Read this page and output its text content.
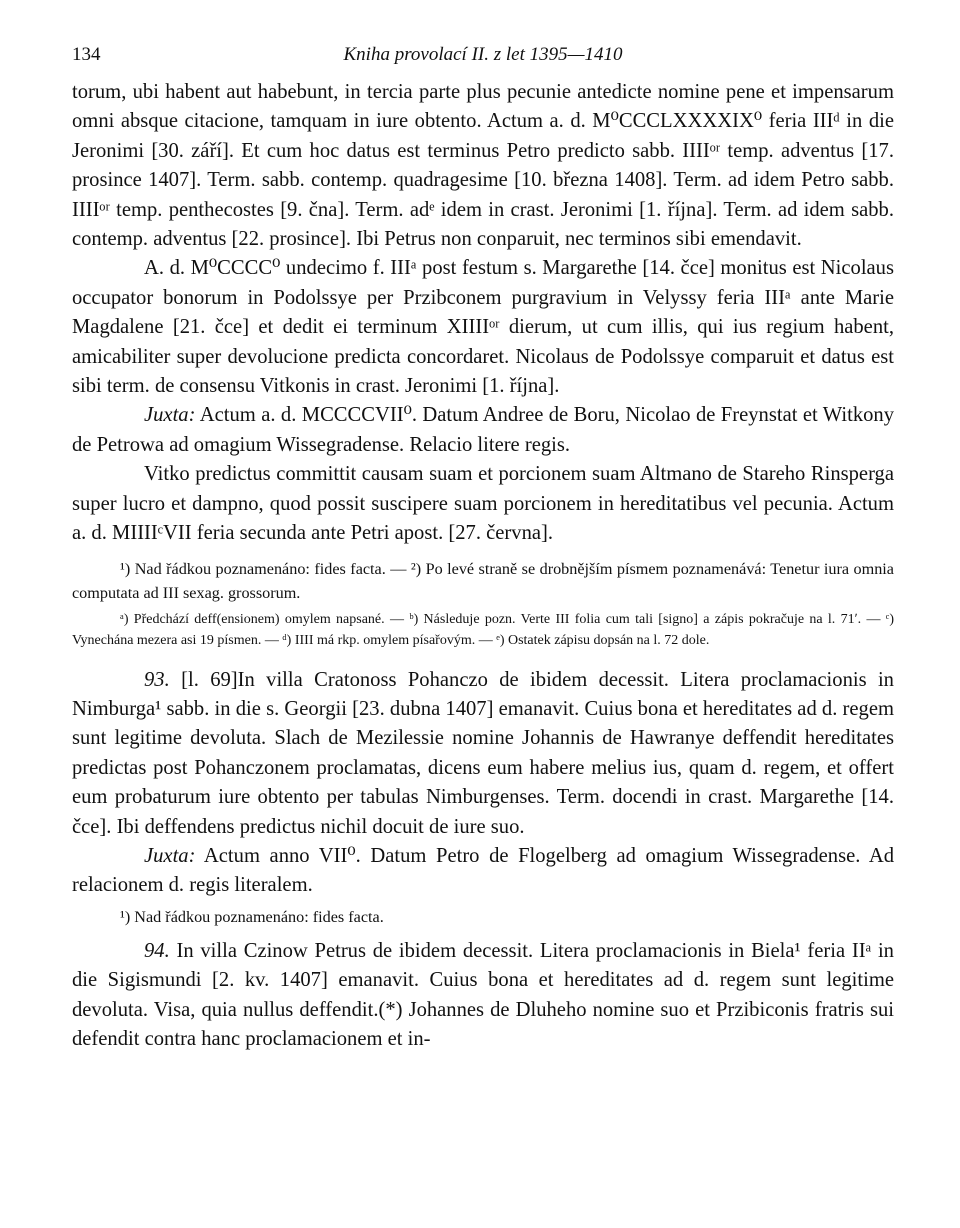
134	Kniha provolací II. z let 1395—1410

torum, ubi habent aut habebunt, in tercia parte plus pecunie antedicte nomine pene et impensarum omni absque citacione, tamquam in iure obtento. Actum a. d. M⁰CCCLXXXXIX⁰ feria IIIᵈ in die Jeronimi [30. září]. Et cum hoc datus est terminus Petro predicto sabb. IIIIᵒʳ temp. adventus [17. prosince 1407]. Term. sabb. contemp. quadragesime [10. března 1408]. Term. ad idem Petro sabb. IIIIᵒʳ temp. penthecostes [9. čna]. Term. adᵉ idem in crast. Jeronimi [1. října]. Term. ad idem sabb. contemp. adventus [22. prosince]. Ibi Petrus non conparuit, nec terminos sibi emendavit.

A. d. M⁰CCCC⁰ undecimo f. IIIᵃ post festum s. Margarethe [14. čce] monitus est Nicolaus occupator bonorum in Podolssye per Przibconem purgravium in Velyssy feria IIIᵃ ante Marie Magdalene [21. čce] et dedit ei terminum XIIIIᵒʳ dierum, ut cum illis, qui ius regium habent, amicabiliter super devolucione predicta concordaret. Nicolaus de Podolssye comparuit et datus est sibi term. de consensu Vitkonis in crast. Jeronimi [1. října].

Juxta: Actum a. d. MCCCCVII⁰. Datum Andree de Boru, Nicolao de Freynstat et Witkony de Petrowa ad omagium Wissegradense. Relacio litere regis.

Vitko predictus committit causam suam et porcionem suam Altmano de Stareho Rinsperga super lucro et dampno, quod possit suscipere suam porcionem in hereditatibus vel pecunia. Actum a. d. MIIIIᶜVII feria secunda ante Petri apost. [27. června].

¹) Nad řádkou poznamenáno: fides facta. — ²) Po levé straně se drobnějším písmem poznamenává: Tenetur iura omnia computata ad III sexag. grossorum.

ᵃ) Předchází deff(ensionem) omylem napsané. — ᵇ) Následuje pozn. Verte III folia cum tali [signo] a zápis pokračuje na l. 71ʹ. — ᶜ) Vynechána mezera asi 19 písmen. — ᵈ) IIII má rkp. omylem písařovým. — ᵉ) Ostatek zápisu dopsán na l. 72 dole.

93. [l. 69]In villa Cratonoss Pohanczo de ibidem decessit. Litera proclamacionis in Nimburga¹ sabb. in die s. Georgii [23. dubna 1407] emanavit. Cuius bona et hereditates ad d. regem sunt legitime devoluta. Slach de Mezilessie nomine Johannis de Hawranye deffendit hereditates predictas post Pohanczonem proclamatas, dicens eum habere melius ius, quam d. regem, et offert eum probaturum iure obtento per tabulas Nimburgenses. Term. docendi in crast. Margarethe [14. čce]. Ibi deffendens predictus nichil docuit de iure suo.

Juxta: Actum anno VII⁰. Datum Petro de Flogelberg ad omagium Wissegradense. Ad relacionem d. regis literalem.

¹) Nad řádkou poznamenáno: fides facta.

94. In villa Czinow Petrus de ibidem decessit. Litera proclamacionis in Biela¹ feria IIᵃ in die Sigismundi [2. kv. 1407] emanavit. Cuius bona et hereditates ad d. regem sunt legitime devoluta. Visa, quia nullus deffendit.(*) Johannes de Dluheho nomine suo et Przibiconis fratris sui defendit contra hanc proclamacionem et in-
